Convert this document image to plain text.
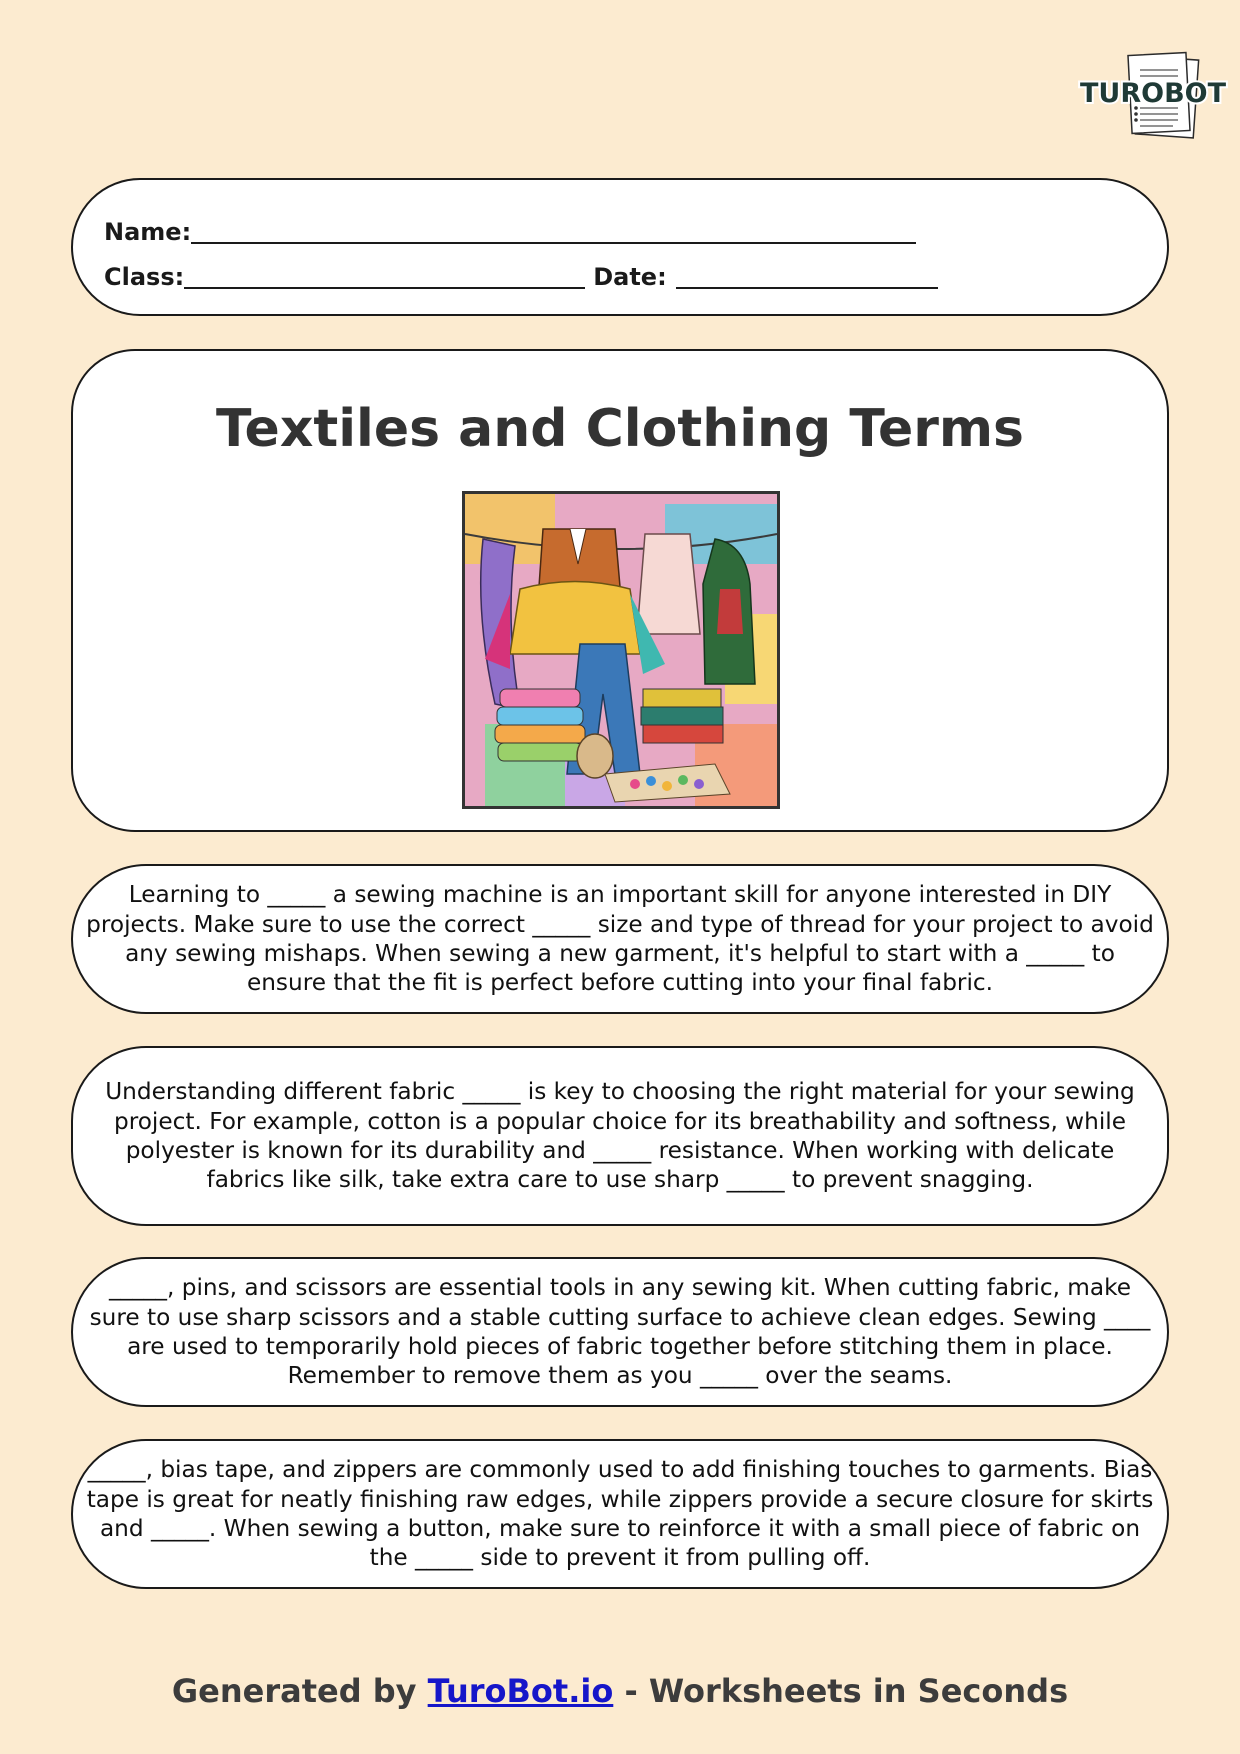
TUROBOT
Name:
Class:	Date:
Textiles and Clothing Terms

Learning to _____ a sewing machine is an important skill for anyone interested in DIY projects. Make sure to use the correct _____ size and type of thread for your project to avoid any sewing mishaps. When sewing a new garment, it's helpful to start with a _____ to ensure that the fit is perfect before cutting into your final fabric.

Understanding different fabric _____ is key to choosing the right material for your sewing project. For example, cotton is a popular choice for its breathability and softness, while polyester is known for its durability and _____ resistance. When working with delicate fabrics like silk, take extra care to use sharp _____ to prevent snagging.

_____, pins, and scissors are essential tools in any sewing kit. When cutting fabric, make sure to use sharp scissors and a stable cutting surface to achieve clean edges. Sewing ____ are used to temporarily hold pieces of fabric together before stitching them in place. Remember to remove them as you _____ over the seams.

_____, bias tape, and zippers are commonly used to add finishing touches to garments. Bias tape is great for neatly finishing raw edges, while zippers provide a secure closure for skirts and _____. When sewing a button, make sure to reinforce it with a small piece of fabric on the _____ side to prevent it from pulling off.

Generated by TuroBot.io - Worksheets in Seconds
